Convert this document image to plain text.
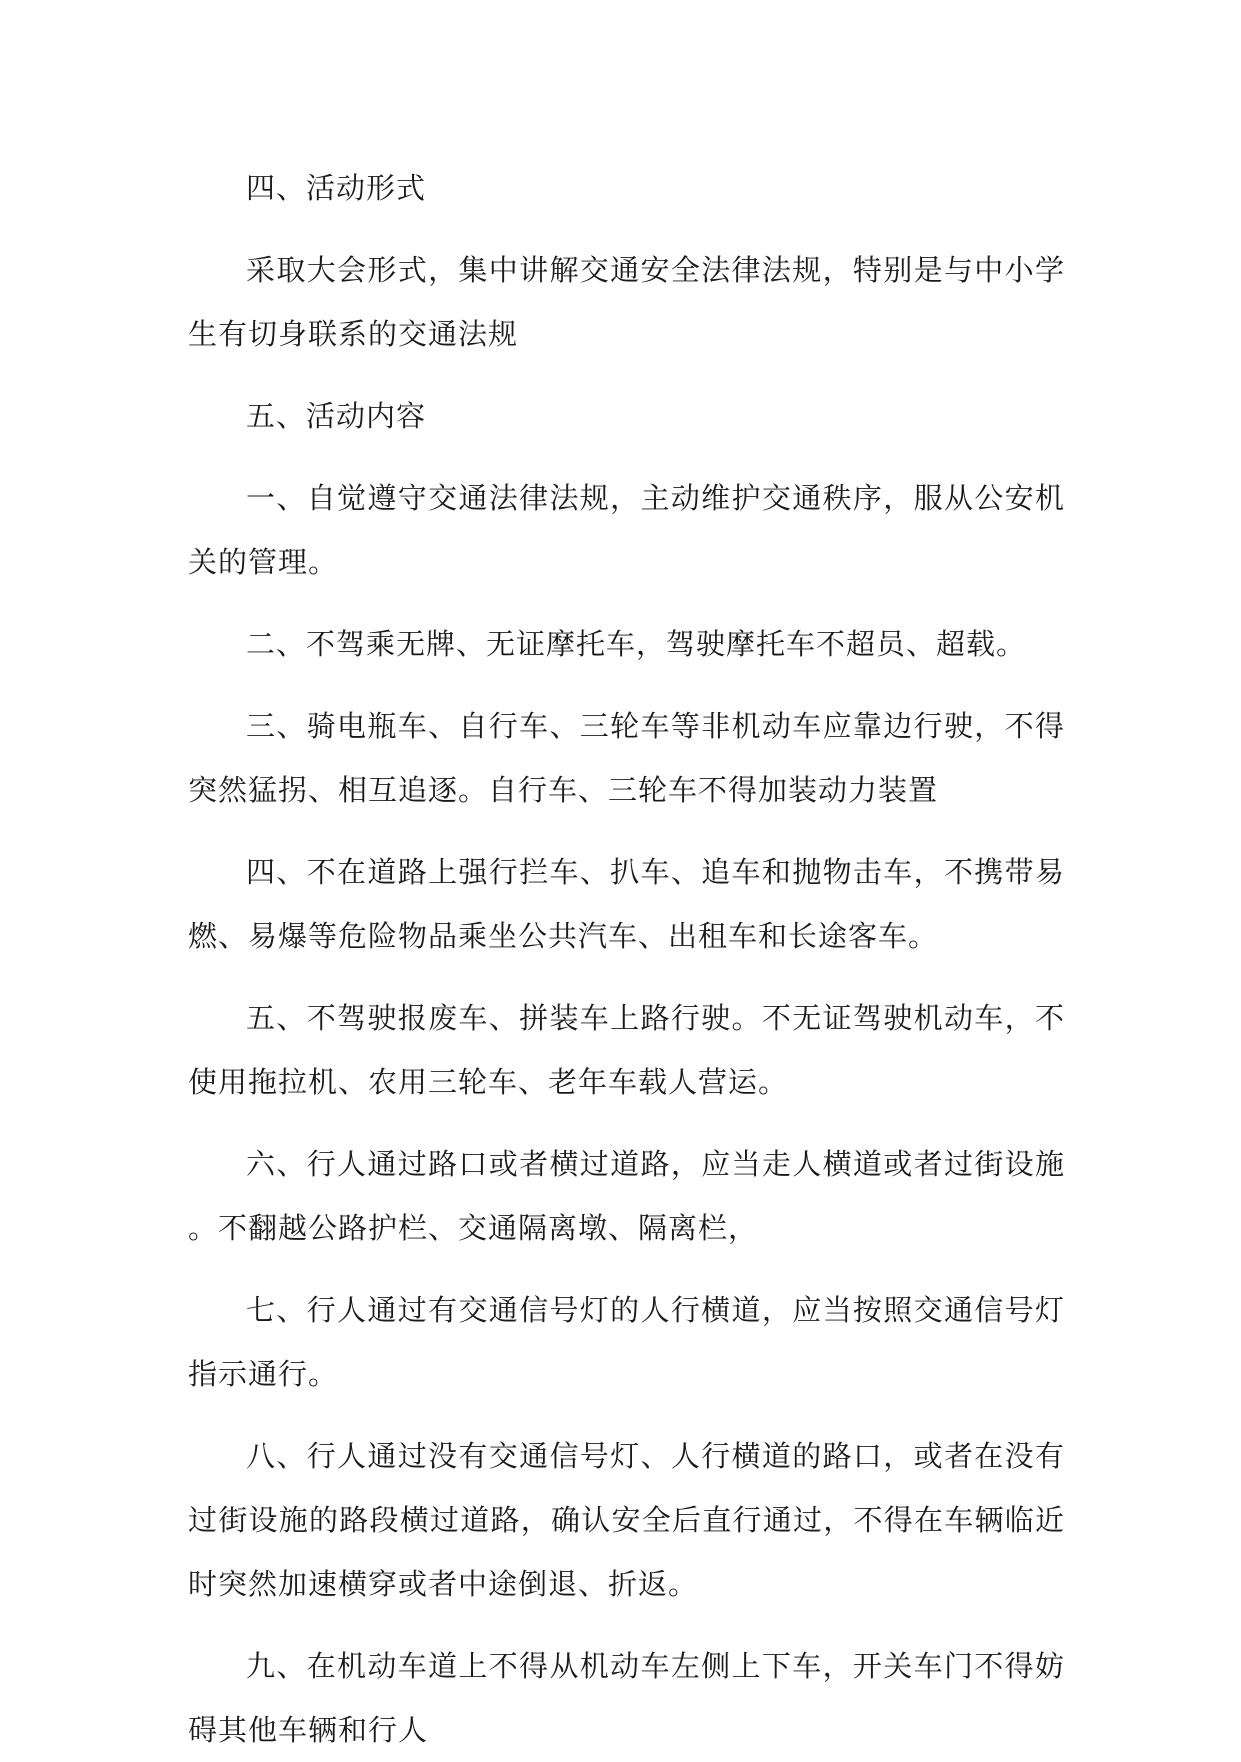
四、活动形式

采取大会形式，集中讲解交通安全法律法规，特别是与中小学生有切身联系的交通法规

五、活动内容

一、自觉遵守交通法律法规，主动维护交通秩序，服从公安机关的管理。

二、不驾乘无牌、无证摩托车，驾驶摩托车不超员、超载。

三、骑电瓶车、自行车、三轮车等非机动车应靠边行驶，不得突然猛拐、相互追逐。自行车、三轮车不得加装动力装置

四、不在道路上强行拦车、扒车、追车和抛物击车，不携带易燃、易爆等危险物品乘坐公共汽车、出租车和长途客车。

五、不驾驶报废车、拼装车上路行驶。不无证驾驶机动车，不使用拖拉机、农用三轮车、老年车载人营运。

六、行人通过路口或者横过道路，应当走人横道或者过街设施。不翻越公路护栏、交通隔离墩、隔离栏，

七、行人通过有交通信号灯的人行横道，应当按照交通信号灯指示通行。

八、行人通过没有交通信号灯、人行横道的路口，或者在没有过街设施的路段横过道路，确认安全后直行通过，不得在车辆临近时突然加速横穿或者中途倒退、折返。

九、在机动车道上不得从机动车左侧上下车，开关车门不得妨碍其他车辆和行人
